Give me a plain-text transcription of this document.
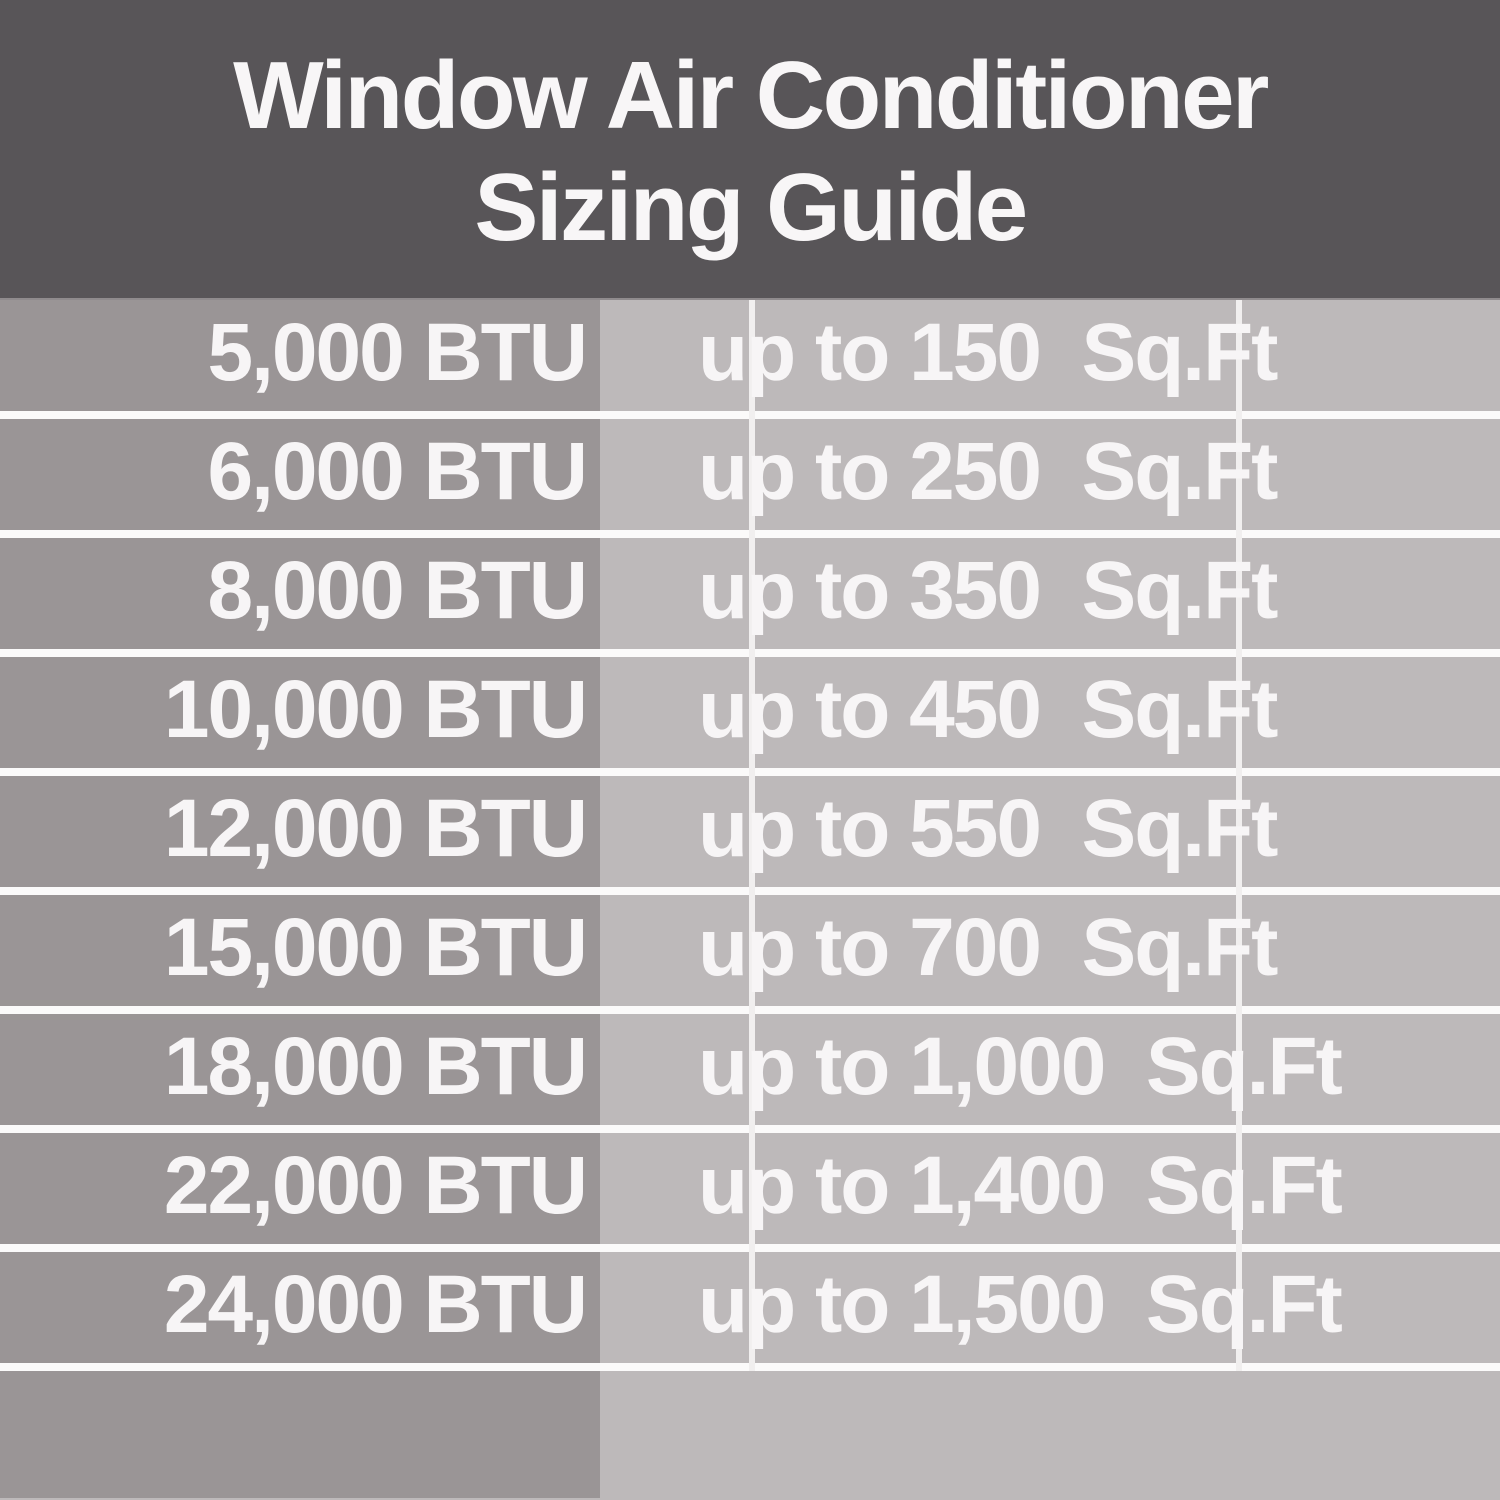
Window Air Conditioner
Sizing Guide
5,000 BTU up to 150  Sq.Ft
6,000 BTU up to 250  Sq.Ft
8,000 BTU up to 350  Sq.Ft
10,000 BTU up to 450  Sq.Ft
12,000 BTU up to 550  Sq.Ft
15,000 BTU up to 700  Sq.Ft
18,000 BTU up to 1,000  Sq.Ft
22,000 BTU up to 1,400  Sq.Ft
24,000 BTU up to 1,500  Sq.Ft
